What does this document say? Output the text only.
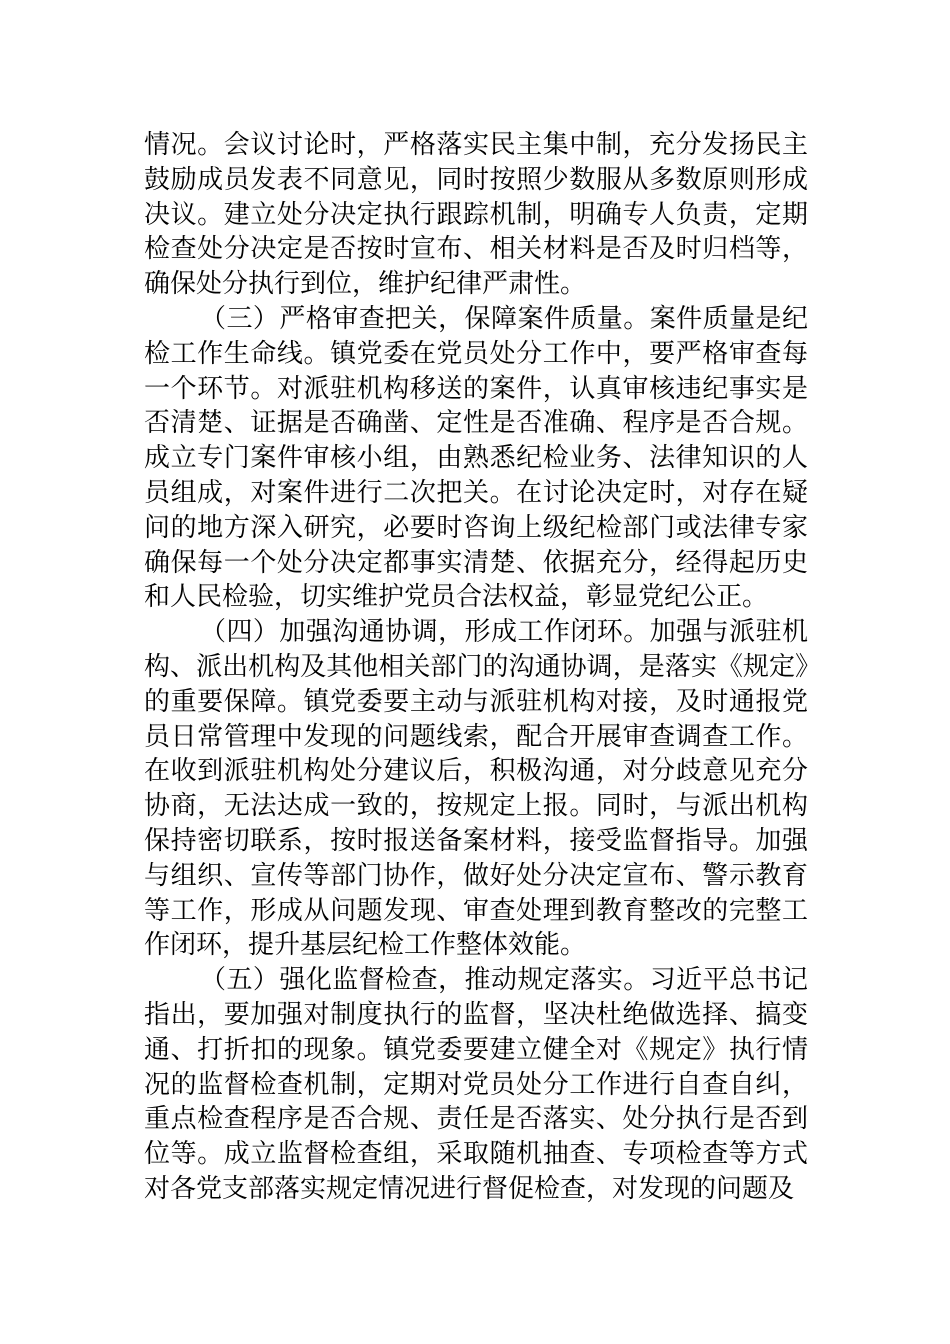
情况。会议讨论时，严格落实民主集中制，充分发扬民主鼓励成员发表不同意见，同时按照少数服从多数原则形成决议。建立处分决定执行跟踪机制，明确专人负责，定期检查处分决定是否按时宣布、相关材料是否及时归档等，确保处分执行到位，维护纪律严肃性。

（三）严格审查把关，保障案件质量。案件质量是纪检工作生命线。镇党委在党员处分工作中，要严格审查每一个环节。对派驻机构移送的案件，认真审核违纪事实是否清楚、证据是否确凿、定性是否准确、程序是否合规。成立专门案件审核小组，由熟悉纪检业务、法律知识的人员组成，对案件进行二次把关。在讨论决定时，对存在疑问的地方深入研究，必要时咨询上级纪检部门或法律专家确保每一个处分决定都事实清楚、依据充分，经得起历史和人民检验，切实维护党员合法权益，彰显党纪公正。

（四）加强沟通协调，形成工作闭环。加强与派驻机构、派出机构及其他相关部门的沟通协调，是落实《规定》的重要保障。镇党委要主动与派驻机构对接，及时通报党员日常管理中发现的问题线索，配合开展审查调查工作。在收到派驻机构处分建议后，积极沟通，对分歧意见充分协商，无法达成一致的，按规定上报。同时，与派出机构保持密切联系，按时报送备案材料，接受监督指导。加强与组织、宣传等部门协作，做好处分决定宣布、警示教育等工作，形成从问题发现、审查处理到教育整改的完整工作闭环，提升基层纪检工作整体效能。

（五）强化监督检查，推动规定落实。习近平总书记指出，要加强对制度执行的监督，坚决杜绝做选择、搞变通、打折扣的现象。镇党委要建立健全对《规定》执行情况的监督检查机制，定期对党员处分工作进行自查自纠，重点检查程序是否合规、责任是否落实、处分执行是否到位等。成立监督检查组，采取随机抽查、专项检查等方式对各党支部落实规定情况进行督促检查，对发现的问题及
